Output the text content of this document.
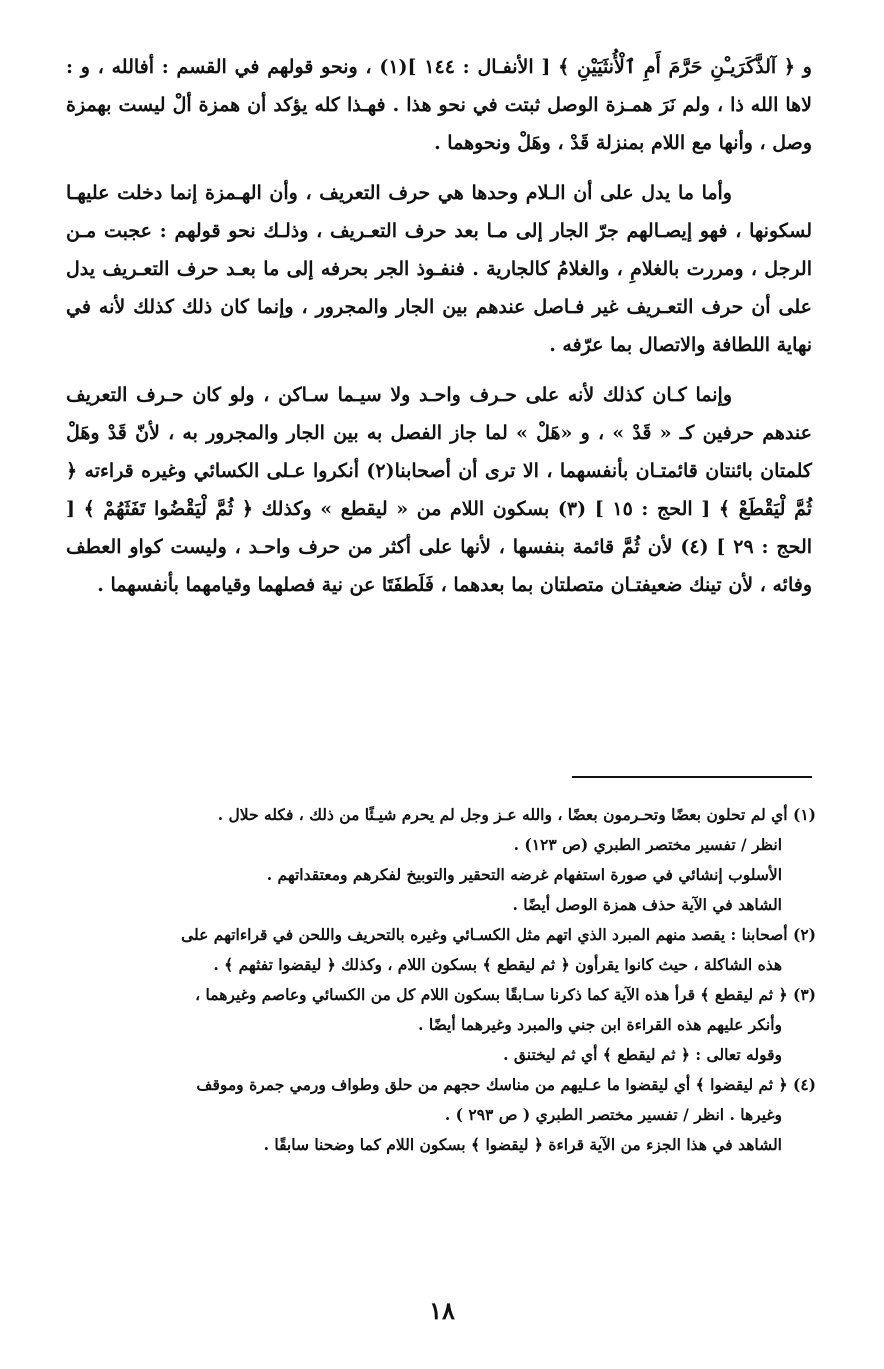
و ﴿ آلذَّكَرَيـْنِ حَرَّمَ أَمِ ٱلْأُنثَيَيْنِ ﴾ [ الأنفـال : ١٤٤ ](١) ، ونحو قولهم في القسم : أفالله ، و : لاها الله ذا ، ولم نَرَ همـزة الوصل ثبتت في نحو هذا . فهـذا كله يؤكد أن همزة ألْ ليست بهمزة وصل ، وأنها مع اللام بمنزلة قَدْ ، وهَلْ ونحوهما .

وأما ما يدل على أن الـلام وحدها هي حرف التعريف ، وأن الهـمزة إنما دخلت عليهـا لسكونها ، فهو إيصـالهم جرّ الجار إلى مـا بعد حرف التعـريف ، وذلـك نحو قولهم : عجبت مـن الرجل ، ومررت بالغلامِ ، والغلامُ كالجارية . فنفـوذ الجر بحرفه إلى ما بعـد حرف التعـريف يدل على أن حرف التعـريف غير فـاصل عندهم بين الجار والمجرور ، وإنما كان ذلك كذلك لأنه في نهاية اللطافة والاتصال بما عرّفه .

وإنما كـان كذلك لأنه على حـرف واحـد ولا سيـما سـاكن ، ولو كان حـرف التعريف عندهم حرفين كـ « قَدْ » ، و «هَلْ » لما جاز الفصل به بين الجار والمجرور به ، لأنّ قَدْ وهَلْ كلمتان بائنتان قائمتـان بأنفسهما ، الا ترى أن أصحابنا(٢) أنكروا عـلى الكسائي وغيره قراءته ﴿ ثُمَّ لْيَقْطَعْ ﴾ [ الحج : ١٥ ] (٣) بسكون اللام من « ليقطع » وكذلك ﴿ ثُمَّ لْيَقْضُوا تَفَثَهُمْ ﴾ [ الحج : ٢٩ ] (٤) لأن ثُمَّ قائمة بنفسها ، لأنها على أكثر من حرف واحـد ، وليست كواو العطف وفائه ، لأن تينك ضعيفتـان متصلتان بما بعدهما ، فَلَطفَتَا عن نية فصلهما وقيامهما بأنفسهما .

(١) أي لم تحلون بعضًا وتحـرمون بعضًا ، والله عـز وجل لم يحرم شيـئًا من ذلك ، فكله حلال .
انظر / تفسير مختصر الطبري (ص ١٢٣) .
الأسلوب إنشائي في صورة استفهام غرضه التحقير والتوبيخ لفكرهم ومعتقداتهم .
الشاهد في الآية حذف همزة الوصل أيضًا .
(٢) أصحابنا : يقصد منهم المبرد الذي اتهم مثل الكسـائي وغيره بالتحريف واللحن في قراءاتهم على
هذه الشاكلة ، حيث كانوا يقرأون ﴿ ثم ليقطع ﴾ بسكون اللام ، وكذلك ﴿ ليقضوا تفثهم ﴾ .
(٣) ﴿ ثم ليقطع ﴾ قرأ هذه الآية كما ذكرنا سـابقًا بسكون اللام كل من الكسائي وعاصم وغيرهما ،
وأنكر عليهم هذه القراءة ابن جني والمبرد وغيرهما أيضًا .
وقوله تعالى : ﴿ ثم ليقطع ﴾ أي ثم ليختنق .
(٤) ﴿ ثم ليقضوا ﴾ أي ليقضوا ما عـليهم من مناسك حجهم من حلق وطواف ورمي جمرة وموقف
وغيرها . انظر / تفسير مختصر الطبري ( ص ٢٩٣ ) .
الشاهد في هذا الجزء من الآية قراءة ﴿ ليقضوا ﴾ بسكون اللام كما وضحنا سابقًا .
١٨
